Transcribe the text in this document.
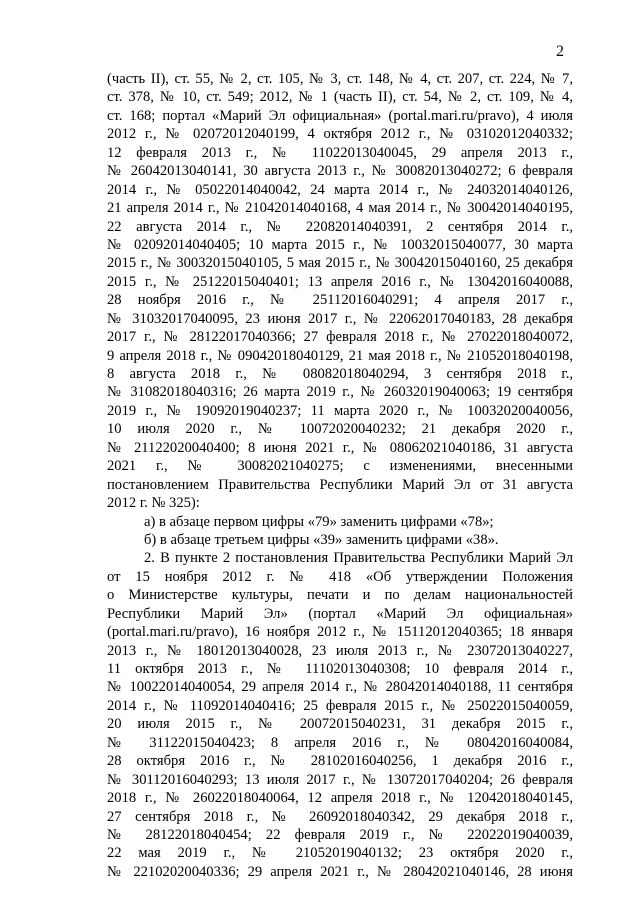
2
(часть II), ст. 55, № 2, ст. 105, № 3, ст. 148, № 4, ст. 207, ст. 224, № 7,
ст. 378, № 10, ст. 549; 2012, № 1 (часть II), ст. 54, № 2, ст. 109, № 4,
ст. 168; портал «Марий Эл официальная» (portal.mari.ru/pravo), 4 июля
2012 г., № 02072012040199, 4 октября 2012 г., № 03102012040332;
12 февраля 2013 г., № 11022013040045, 29 апреля 2013 г.,
№ 26042013040141, 30 августа 2013 г., № 30082013040272; 6 февраля
2014 г., № 05022014040042, 24 марта 2014 г., № 24032014040126,
21 апреля 2014 г., № 21042014040168, 4 мая 2014 г., № 30042014040195,
22 августа 2014 г., № 22082014040391, 2 сентября 2014 г.,
№ 02092014040405; 10 марта 2015 г., № 10032015040077, 30 марта
2015 г., № 30032015040105, 5 мая 2015 г., № 30042015040160, 25 декабря
2015 г., № 25122015040401; 13 апреля 2016 г., № 13042016040088,
28 ноября 2016 г., № 25112016040291; 4 апреля 2017 г.,
№ 31032017040095, 23 июня 2017 г., № 22062017040183, 28 декабря
2017 г., № 28122017040366; 27 февраля 2018 г., № 27022018040072,
9 апреля 2018 г., № 09042018040129, 21 мая 2018 г., № 21052018040198,
8 августа 2018 г., № 08082018040294, 3 сентября 2018 г.,
№ 31082018040316; 26 марта 2019 г., № 26032019040063; 19 сентября
2019 г., № 19092019040237; 11 марта 2020 г., № 10032020040056,
10 июля 2020 г., № 10072020040232; 21 декабря 2020 г.,
№ 21122020040400; 8 июня 2021 г., № 08062021040186, 31 августа
2021 г., № 30082021040275; с изменениями, внесенными
постановлением Правительства Республики Марий Эл от 31 августа
2012 г. № 325):
а) в абзаце первом цифры «79» заменить цифрами «78»;
б) в абзаце третьем цифры «39» заменить цифрами «38».
2. В пункте 2 постановления Правительства Республики Марий Эл
от 15 ноября 2012 г. № 418 «Об утверждении Положения
о Министерстве культуры, печати и по делам национальностей
Республики Марий Эл» (портал «Марий Эл официальная»
(portal.mari.ru/pravo), 16 ноября 2012 г., № 15112012040365; 18 января
2013 г., № 18012013040028, 23 июля 2013 г., № 23072013040227,
11 октября 2013 г., № 11102013040308; 10 февраля 2014 г.,
№ 10022014040054, 29 апреля 2014 г., № 28042014040188, 11 сентября
2014 г., № 11092014040416; 25 февраля 2015 г., № 25022015040059,
20 июля 2015 г., № 20072015040231, 31 декабря 2015 г.,
№ 31122015040423; 8 апреля 2016 г., № 08042016040084,
28 октября 2016 г., № 28102016040256, 1 декабря 2016 г.,
№ 30112016040293; 13 июля 2017 г., № 13072017040204; 26 февраля
2018 г., № 26022018040064, 12 апреля 2018 г., № 12042018040145,
27 сентября 2018 г., № 26092018040342, 29 декабря 2018 г.,
№ 28122018040454; 22 февраля 2019 г., № 22022019040039,
22 мая 2019 г., № 21052019040132; 23 октября 2020 г.,
№ 22102020040336; 29 апреля 2021 г., № 28042021040146, 28 июня
